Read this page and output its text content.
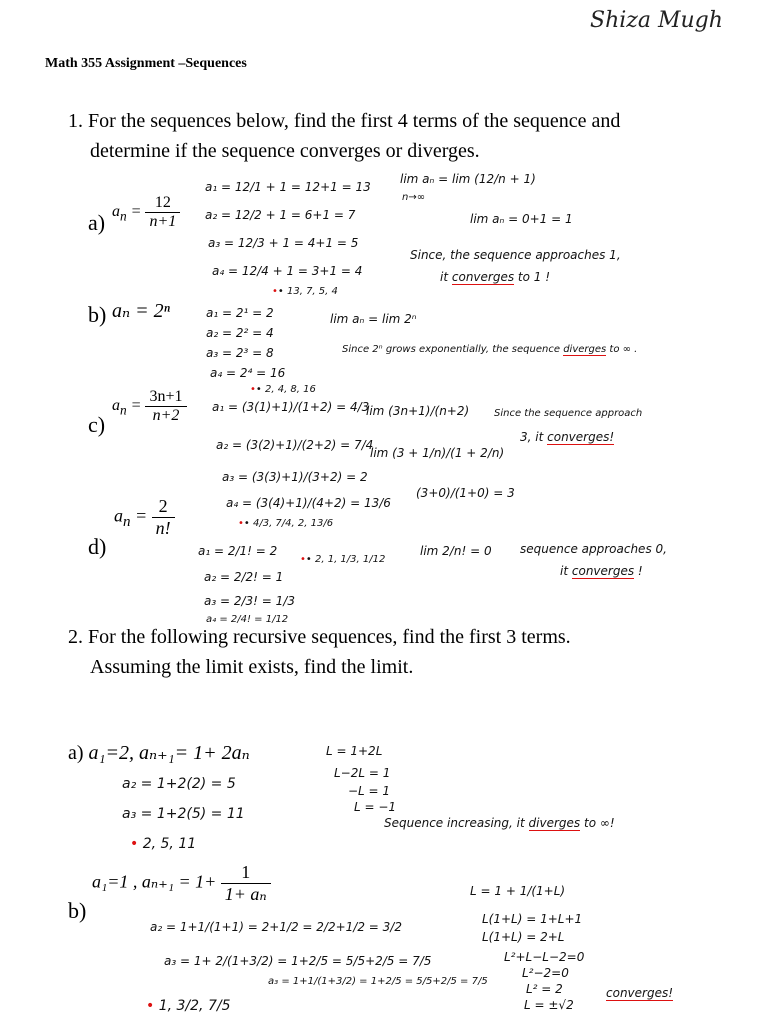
Shiza Mugh
Math 355 Assignment –Sequences
1. For the sequences below, find the first 4 terms of the sequence and
determine if the sequence converges or diverges.
a) $a_n = \frac{12}{n+1}$
a₁ = 12/1 + 1 = 12+1 = 13
a₂ = 12/2 + 1 = 6+1 = 7
a₃ = 12/3 + 1 = 4+1 = 5
a₄ = 12/4 + 1 = 3+1 = 4
•• 13, 7, 5, 4
lim aₙ = lim (12/n + 1)
n→∞
lim aₙ = 0+1 = 1
Since, the sequence approaches 1,
it converges to 1 !
b) aₙ = 2ⁿ	a₁ = 2¹ = 2
a₂ = 2² = 4
a₃ = 2³ = 8
a₄ = 2⁴ = 16
•• 2, 4, 8, 16
lim aₙ = lim 2ⁿ
Since 2ⁿ grows exponentially, the sequence diverges to ∞ .
c)
$a_n = \frac{3n+1}{n+2} a_1 = (3(1)+1)/(1+2) = 4/3$
a₂ = (3(2)+1)/(2+2) = 7/4
a₃ = (3(3)+1)/(3+2) = 2
a₄ = (3(4)+1)/(4+2) = 13/6
•• 4/3, 7/4, 2, 13/6
lim (3n+1)/(n+2)
lim (3 + 1/n)/(1 + 2/n)
(3+0)/(1+0) = 3
Since the sequence approach
3, it converges!
d)
$a_n = \frac{2}{n!}$
a₁ = 2/1! = 2
a₂ = 2/2! = 1
a₃ = 2/3! = 1/3
a₄ = 2/4! = 1/12
•• 2, 1, 1/3, 1/12
lim 2/n! = 0 sequence approaches 0,
it converges !
2. For the following recursive sequences, find the first 3 terms.
Assuming the limit exists, find the limit.
a) a₁=2, aₙ₊₁= 1+ 2aₙ
a₂ = 1+2(2) = 5
a₃ = 1+2(5) = 11
• 2, 5, 11
L = 1+2L
L−2L = 1
−L = 1
L = −1
Sequence increasing, it diverges to ∞!
b)
a₁=1 , $a_{n+1} = 1+ \frac{1}{\text{1+ aₙ}}$
a₂ = 1+1/(1+1) = 2+1/2 = 2/2+1/2 = 3/2
a₃ = 1+ 2/(1+3/2) = 1+2/5 = 5/5+2/5 = 7/5
a₃ = 1+1/(1+3/2) = 1+2/5 = 5/5+2/5 = 7/5
• 1, 3/2, 7/5
L = 1 + 1/(1+L)
L(1+L) = 1+L+1
L(1+L) = 2+L
L²+L−L−2=0
L²−2=0
L² = 2
L = ±√2
converges!
